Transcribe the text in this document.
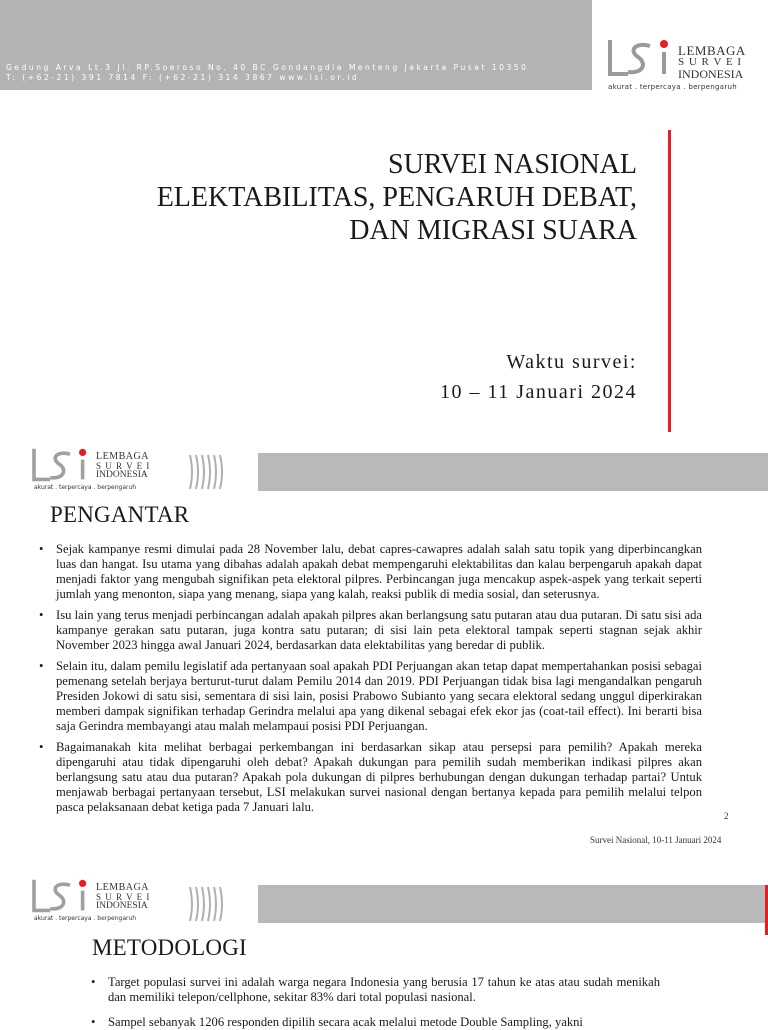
Gedung Arva Lt.3 Jl. RP.Soeroso No. 40 BC Gondangdia Menteng Jakarta Pusat 10350
T: (+62-21) 391 7814 F: (+62-21) 314 3867 www.lsi.or.id
LEMBAGA
S U R V E I
INDONESIA
akurat . terpercaya . berpengaruh
SURVEI NASIONAL
ELEKTABILITAS, PENGARUH DEBAT,
DAN MIGRASI SUARA
Waktu survei:
10 – 11 Januari 2024
LEMBAGA
S U R V E I
INDONESIA
akurat . terpercaya . berpengaruh
PENGANTAR

• Sejak kampanye resmi dimulai pada 28 November lalu, debat capres-cawapres adalah salah satu topik yang diperbincangkan luas dan hangat. Isu utama yang dibahas adalah apakah debat mempengaruhi elektabilitas dan kalau berpengaruh apakah dapat menjadi faktor yang mengubah signifikan peta elektoral pilpres. Perbincangan juga mencakup aspek-aspek yang terkait seperti jumlah yang menonton, siapa yang menang, siapa yang kalah, reaksi publik di media sosial, dan seterusnya.

• Isu lain yang terus menjadi perbincangan adalah apakah pilpres akan berlangsung satu putaran atau dua putaran. Di satu sisi ada kampanye gerakan satu putaran, juga kontra satu putaran; di sisi lain peta elektoral tampak seperti stagnan sejak akhir November 2023 hingga awal Januari 2024, berdasarkan data elektabilitas yang beredar di publik.

• Selain itu, dalam pemilu legislatif ada pertanyaan soal apakah PDI Perjuangan akan tetap dapat mempertahankan posisi sebagai pemenang setelah berjaya berturut-turut dalam Pemilu 2014 dan 2019. PDI Perjuangan tidak bisa lagi mengandalkan pengaruh Presiden Jokowi di satu sisi, sementara di sisi lain, posisi Prabowo Subianto yang secara elektoral sedang unggul diperkirakan memberi dampak signifikan terhadap Gerindra melalui apa yang dikenal sebagai efek ekor jas (coat-tail effect). Ini berarti bisa saja Gerindra membayangi atau malah melampaui posisi PDI Perjuangan.

• Bagaimanakah kita melihat berbagai perkembangan ini berdasarkan sikap atau persepsi para pemilih? Apakah mereka dipengaruhi atau tidak dipengaruhi oleh debat? Apakah dukungan para pemilih sudah memberikan indikasi pilpres akan berlangsung satu atau dua putaran? Apakah pola dukungan di pilpres berhubungan dengan dukungan terhadap partai? Untuk menjawab berbagai pertanyaan tersebut, LSI melakukan survei nasional dengan bertanya kepada para pemilih melalui telpon pasca pelaksanaan debat ketiga pada 7 Januari lalu.

2
Survei Nasional, 10-11 Januari 2024
LEMBAGA
S U R V E I
INDONESIA
akurat . terpercaya . berpengaruh
METODOLOGI

• Target populasi survei ini adalah warga negara Indonesia yang berusia 17 tahun ke atas atau sudah menikah dan memiliki telepon/cellphone, sekitar 83% dari total populasi nasional.

• Sampel sebanyak 1206 responden dipilih secara acak melalui metode Double Sampling, yakni
